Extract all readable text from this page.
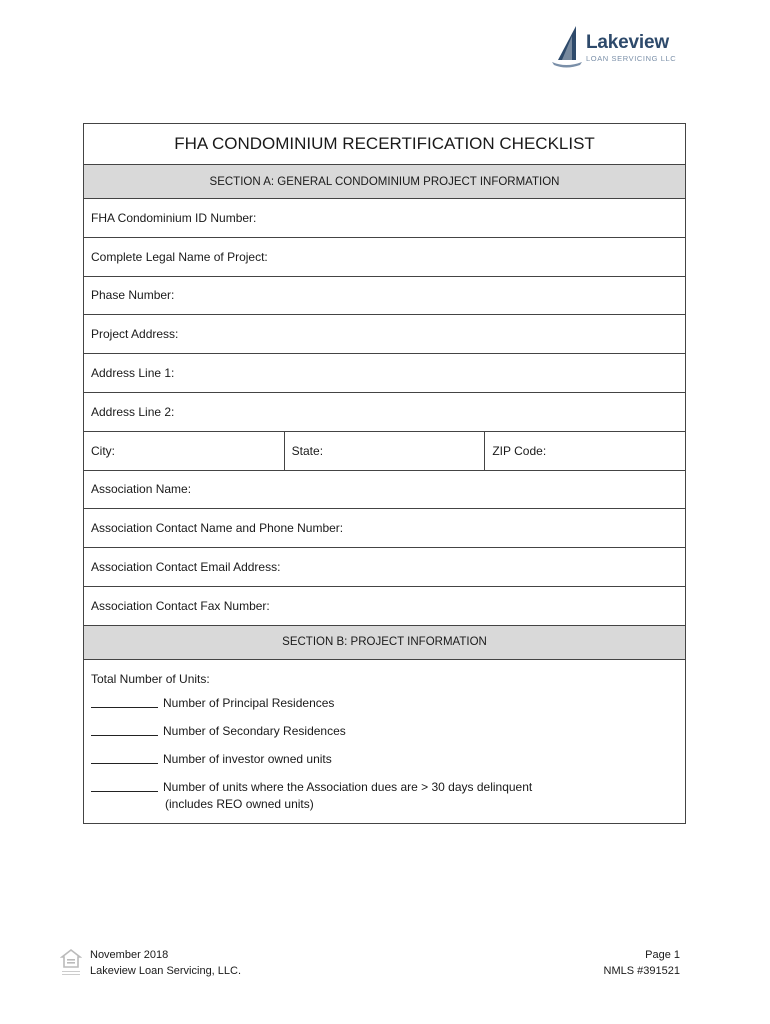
Lakeview
LOAN SERVICING LLC
FHA CONDOMINIUM RECERTIFICATION CHECKLIST
SECTION A: GENERAL CONDOMINIUM PROJECT INFORMATION
FHA Condominium ID Number:
Complete Legal Name of Project:
Phase Number:
Project Address:
Address Line 1:
Address Line 2:
City:	State:	ZIP Code:
Association Name:
Association Contact Name and Phone Number:
Association Contact Email Address:
Association Contact Fax Number:
SECTION B: PROJECT INFORMATION
Total Number of Units:
Number of Principal Residences
Number of Secondary Residences
Number of investor owned units
Number of units where the Association dues are > 30 days delinquent
(includes REO owned units)
November 2018
Lakeview Loan Servicing, LLC.
Page 1
NMLS #391521
